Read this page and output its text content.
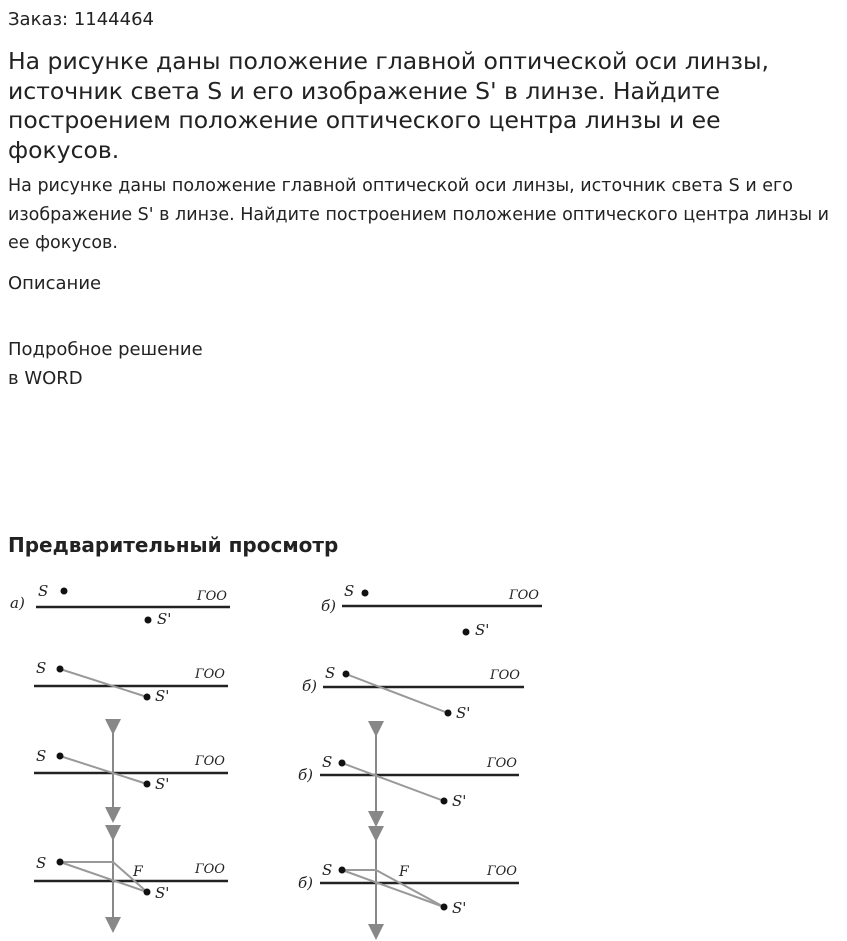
Заказ: 1144464
На рисунке даны положение главной оптической оси линзы, источник света S и его изображение S' в линзе. Найдите построением положение оптического центра линзы и ее фокусов.
На рисунке даны положение главной оптической оси линзы, источник света S и его изображение S' в линзе. Найдите построением положение оптического центра линзы и ее фокусов.
Описание
Подробное решение
в WORD
Предварительный просмотр
а)
S	ГОО
S'
б)
S	ГОО
S'
S	ГОО
S'
б)
S	ГОО
S'
S	ГОО
S'	б)
S	ГОО
S'
S	F	ГОО
S'
б)
S	F	ГОО
S'
